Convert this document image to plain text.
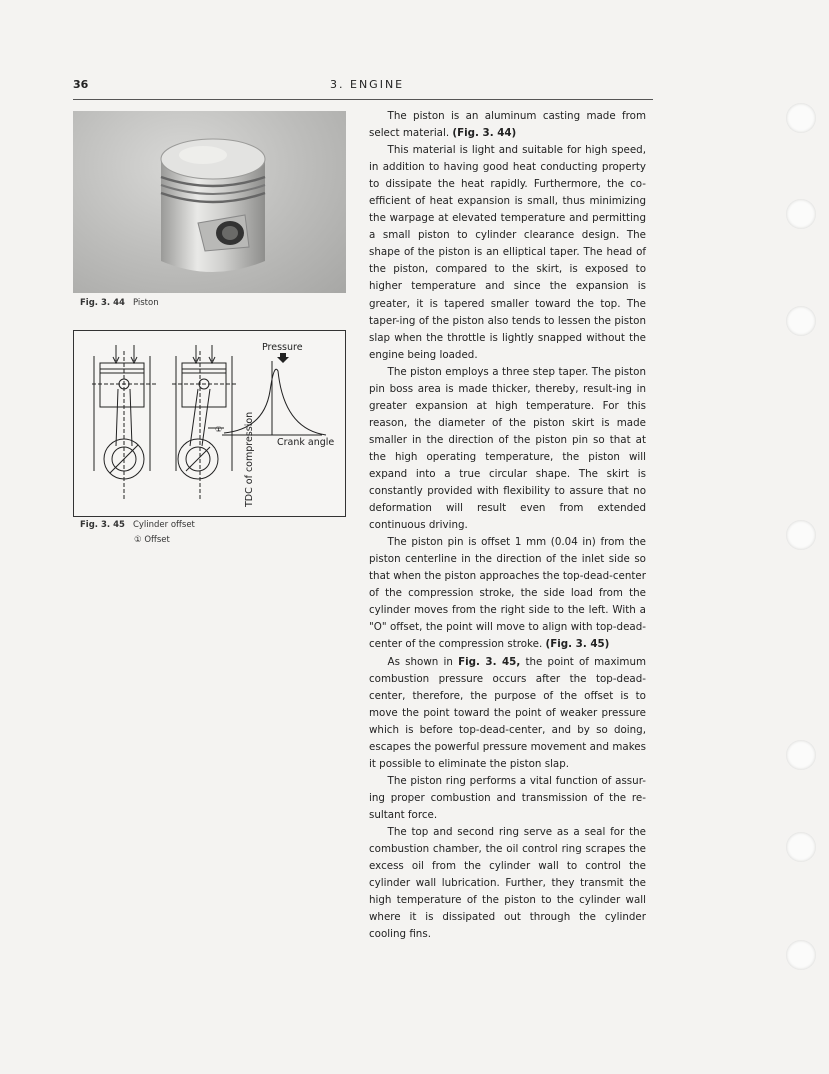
36	3. ENGINE
Fig. 3. 44 Piston
Pressure
Crank angle
① TDC of compression
Fig. 3. 45 Cylinder offset
① Offset

The piston is an aluminum casting made from select material. (Fig. 3. 44)

This material is light and suitable for high speed, in addition to having good heat conducting property to dissipate the heat rapidly. Furthermore, the co-efficient of heat expansion is small, thus minimizing the warpage at elevated temperature and permitting a small piston to cylinder clearance design. The shape of the piston is an elliptical taper. The head of the piston, compared to the skirt, is exposed to higher temperature and since the expansion is greater, it is tapered smaller toward the top. The taper-ing of the piston also tends to lessen the piston slap when the throttle is lightly snapped without the engine being loaded.

The piston employs a three step taper. The piston pin boss area is made thicker, thereby, result-ing in greater expansion at high temperature. For this reason, the diameter of the piston skirt is made smaller in the direction of the piston pin so that at the high operating temperature, the piston will expand into a true circular shape. The skirt is constantly provided with flexibility to assure that no deformation will result even from extended continuous driving.

The piston pin is offset 1 mm (0.04 in) from the piston centerline in the direction of the inlet side so that when the piston approaches the top-dead-center of the compression stroke, the side load from the cylinder moves from the right side to the left. With a "O" offset, the point will move to align with top-dead-center of the compression stroke. (Fig. 3. 45)

As shown in Fig. 3. 45, the point of maximum combustion pressure occurs after the top-dead-center, therefore, the purpose of the offset is to move the point toward the point of weaker pressure which is before top-dead-center, and by so doing, escapes the powerful pressure movement and makes it possible to eliminate the piston slap.

The piston ring performs a vital function of assur-ing proper combustion and transmission of the re-sultant force.

The top and second ring serve as a seal for the combustion chamber, the oil control ring scrapes the excess oil from the cylinder wall to control the cylinder wall lubrication. Further, they transmit the high temperature of the piston to the cylinder wall where it is dissipated out through the cylinder cooling fins.
